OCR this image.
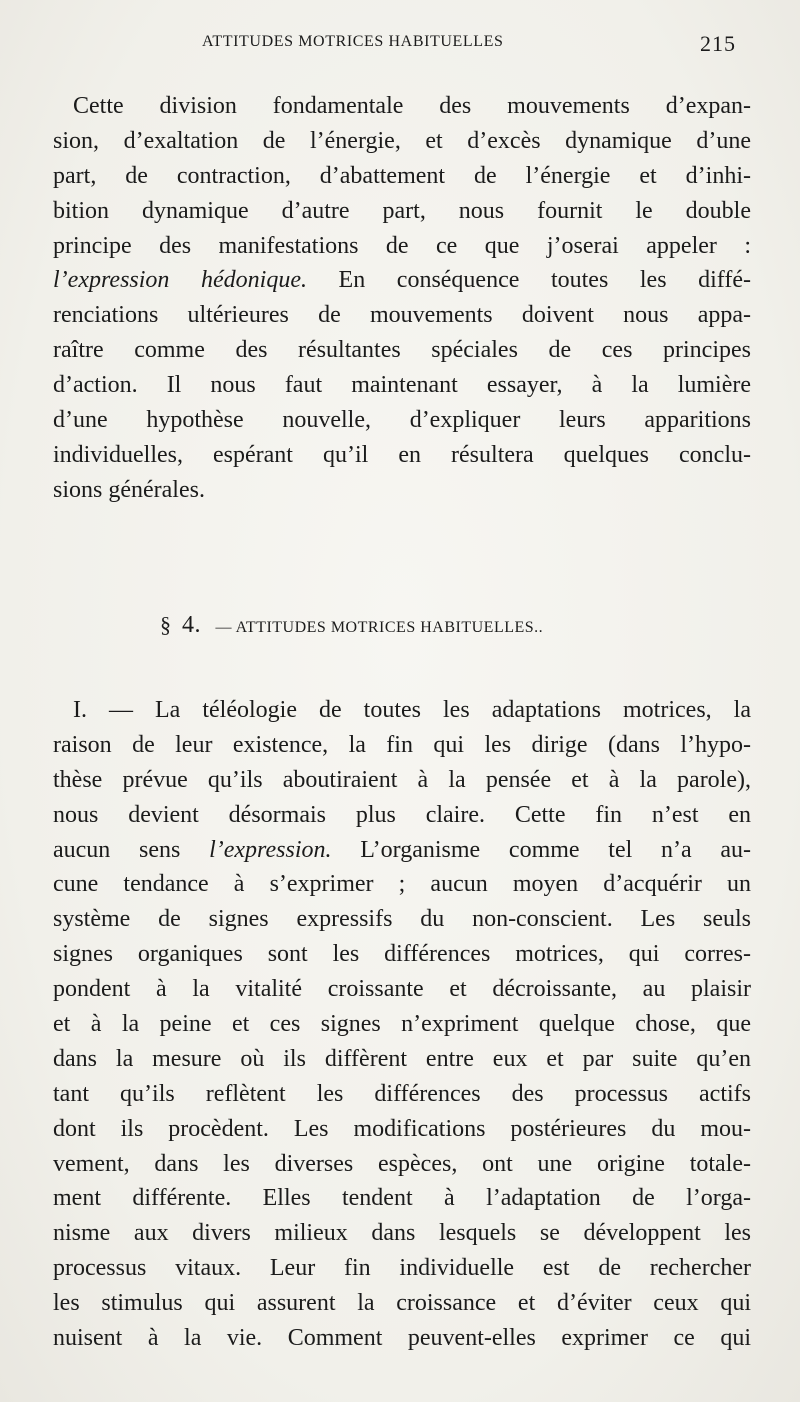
ATTITUDES MOTRICES HABITUELLES	215
Cette division fondamentale des mouvements d’expan-
sion, d’exaltation de l’énergie, et d’excès dynamique d’une
part, de contraction, d’abattement de l’énergie et d’inhi-
bition dynamique d’autre part, nous fournit le double
principe des manifestations de ce que j’oserai appeler :
l’expression hédonique. En conséquence toutes les diffé-
renciations ultérieures de mouvements doivent nous appa-
raître comme des résultantes spéciales de ces principes
d’action. Il nous faut maintenant essayer, à la lumière
d’une hypothèse nouvelle, d’expliquer leurs apparitions
individuelles, espérant qu’il en résultera quelques conclu-
sions générales.
§ 4. — ATTITUDES MOTRICES HABITUELLES..
I. — La téléologie de toutes les adaptations motrices, la
raison de leur existence, la fin qui les dirige (dans l’hypo-
thèse prévue qu’ils aboutiraient à la pensée et à la parole),
nous devient désormais plus claire. Cette fin n’est en
aucun sens l’expression. L’organisme comme tel n’a au-
cune tendance à s’exprimer ; aucun moyen d’acquérir un
système de signes expressifs du non-conscient. Les seuls
signes organiques sont les différences motrices, qui corres-
pondent à la vitalité croissante et décroissante, au plaisir
et à la peine et ces signes n’expriment quelque chose, que
dans la mesure où ils diffèrent entre eux et par suite qu’en
tant qu’ils reflètent les différences des processus actifs
dont ils procèdent. Les modifications postérieures du mou-
vement, dans les diverses espèces, ont une origine totale-
ment différente. Elles tendent à l’adaptation de l’orga-
nisme aux divers milieux dans lesquels se développent les
processus vitaux. Leur fin individuelle est de rechercher
les stimulus qui assurent la croissance et d’éviter ceux qui
nuisent à la vie. Comment peuvent-elles exprimer ce qui
